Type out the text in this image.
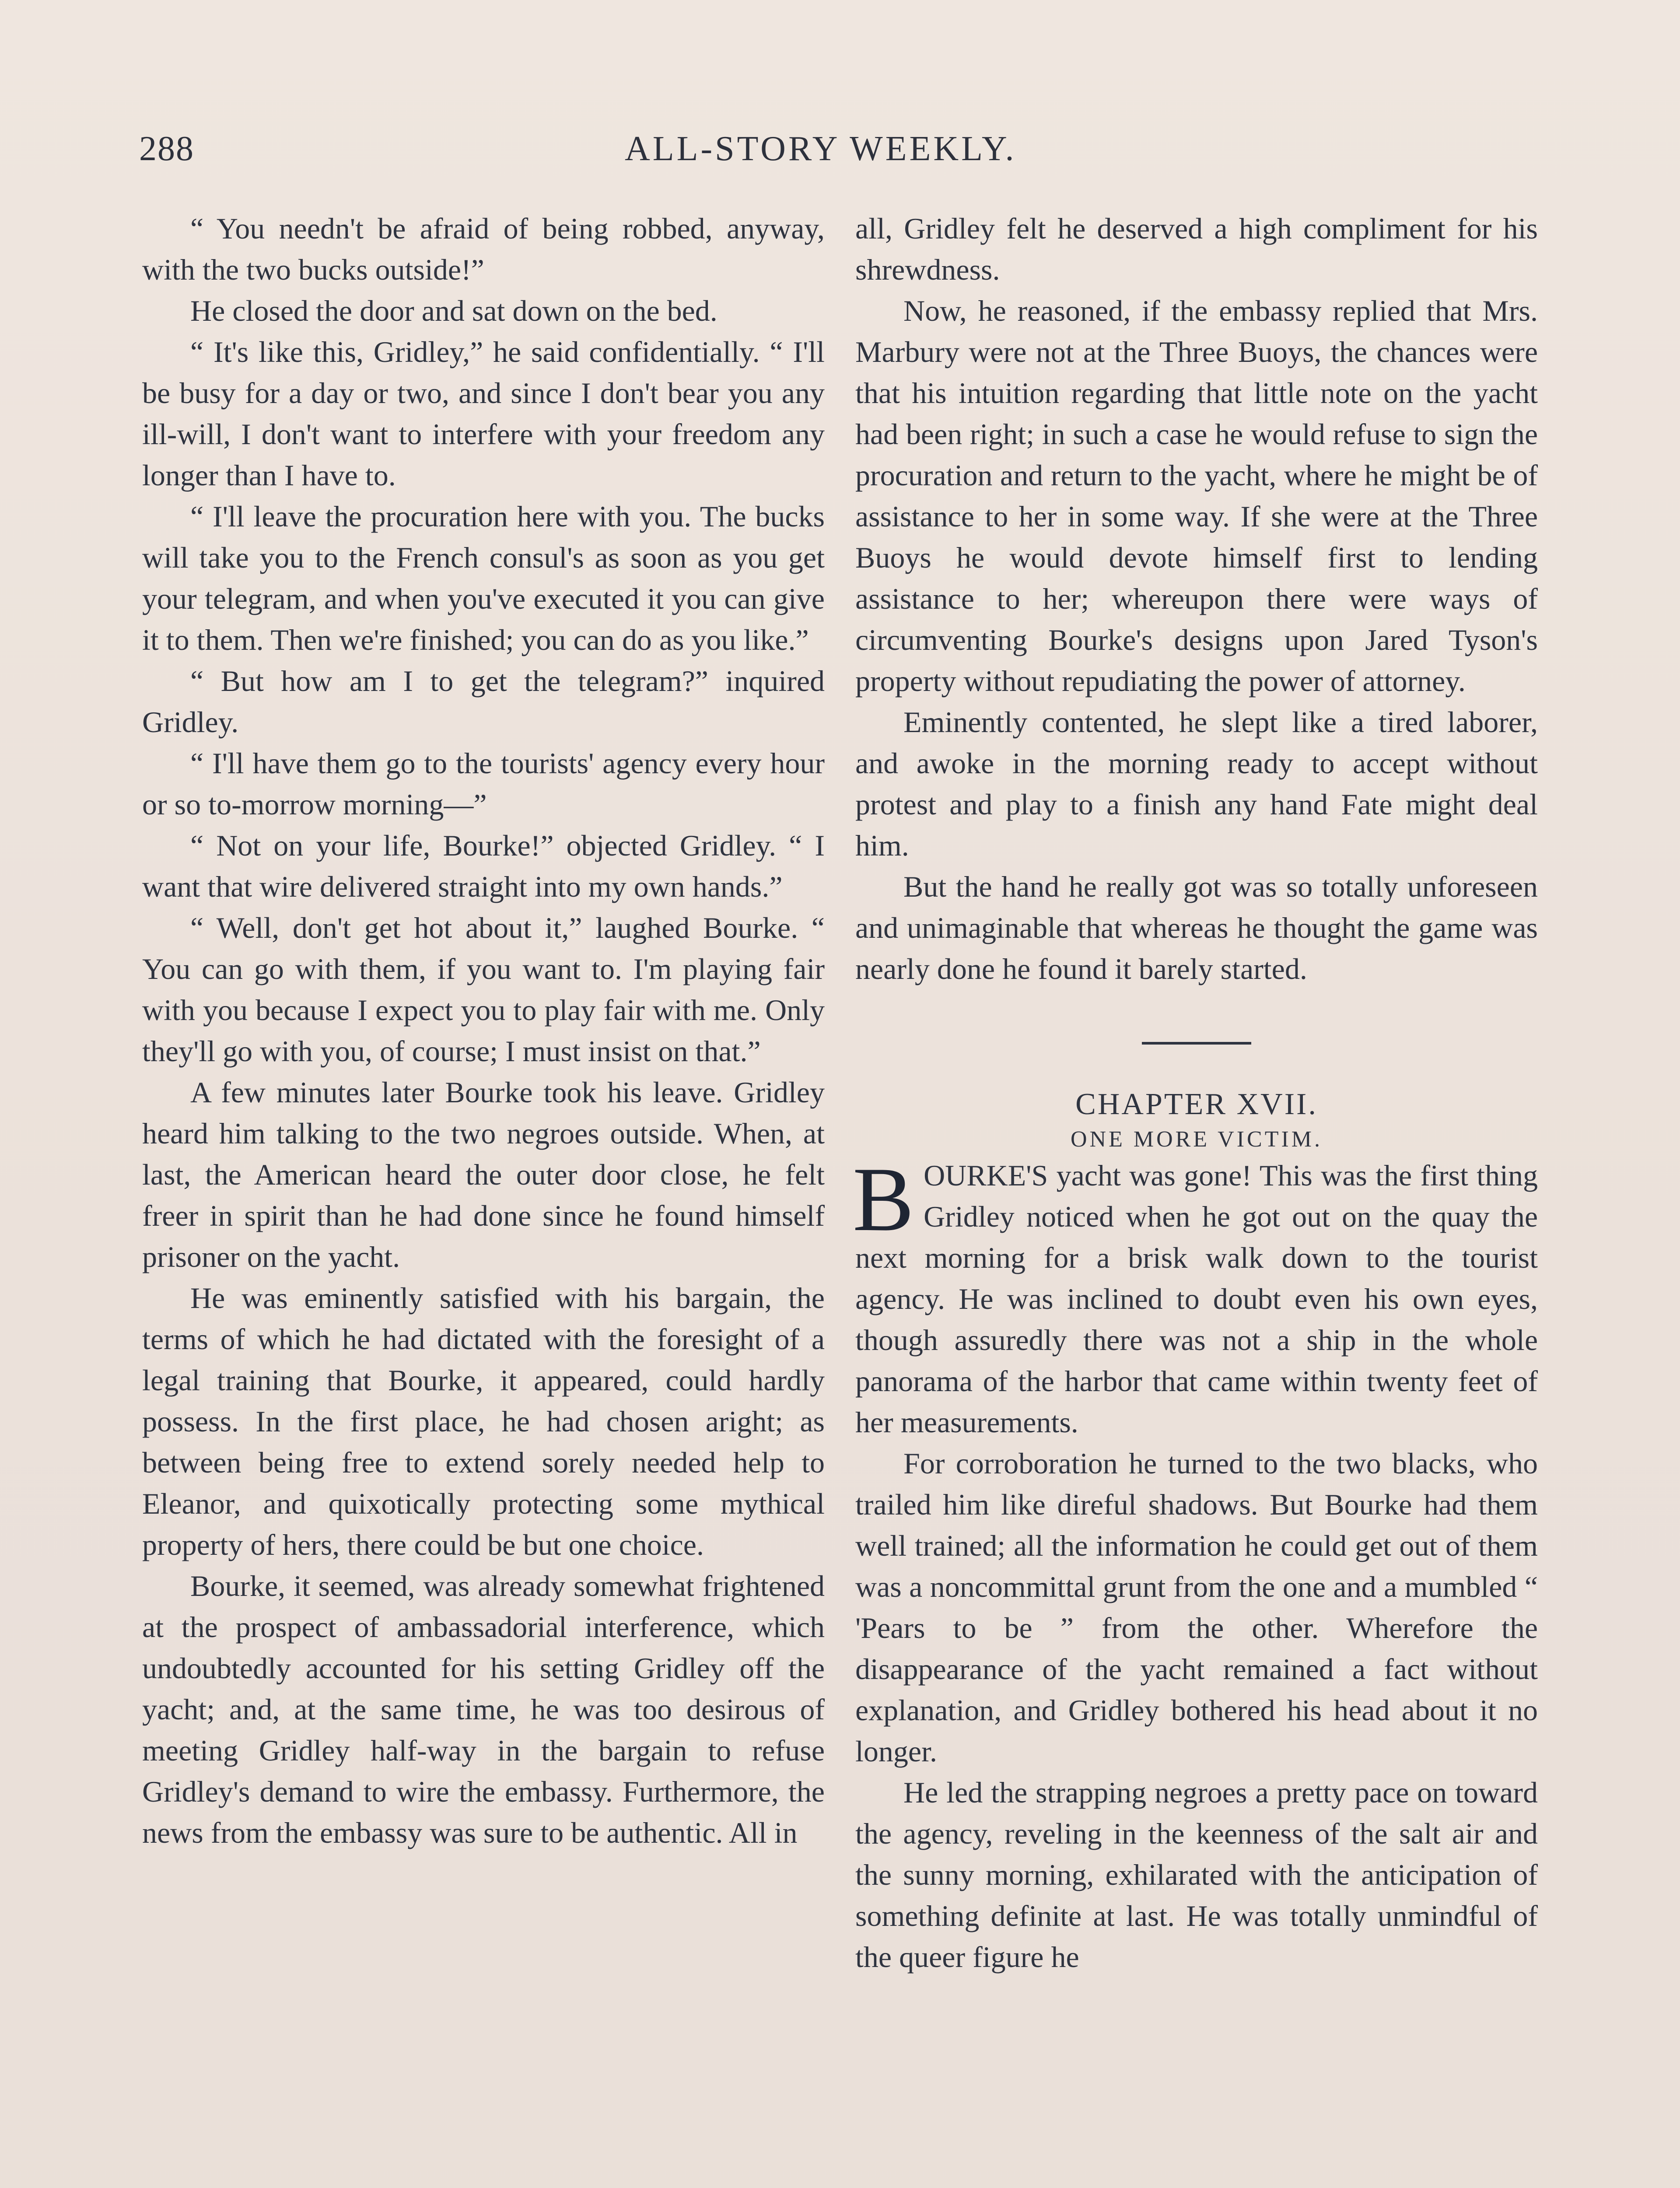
288	ALL-STORY WEEKLY.

“ You needn't be afraid of being robbed, anyway, with the two bucks outside!”

He closed the door and sat down on the bed.

“ It's like this, Gridley,” he said confidentially. “ I'll be busy for a day or two, and since I don't bear you any ill-will, I don't want to interfere with your freedom any longer than I have to.

“ I'll leave the procuration here with you. The bucks will take you to the French consul's as soon as you get your telegram, and when you've executed it you can give it to them. Then we're finished; you can do as you like.”

“ But how am I to get the telegram?” inquired Gridley.

“ I'll have them go to the tourists' agency every hour or so to-morrow morning—”

“ Not on your life, Bourke!” objected Gridley. “ I want that wire delivered straight into my own hands.”

“ Well, don't get hot about it,” laughed Bourke. “ You can go with them, if you want to. I'm playing fair with you because I expect you to play fair with me. Only they'll go with you, of course; I must insist on that.”

A few minutes later Bourke took his leave. Gridley heard him talking to the two negroes outside. When, at last, the American heard the outer door close, he felt freer in spirit than he had done since he found himself prisoner on the yacht.

He was eminently satisfied with his bargain, the terms of which he had dictated with the foresight of a legal training that Bourke, it appeared, could hardly possess. In the first place, he had chosen aright; as between being free to extend sorely needed help to Eleanor, and quixotically protecting some mythical property of hers, there could be but one choice.

Bourke, it seemed, was already somewhat frightened at the prospect of ambassadorial interference, which undoubtedly accounted for his setting Gridley off the yacht; and, at the same time, he was too desirous of meeting Gridley half-way in the bargain to refuse Gridley's demand to wire the embassy. Furthermore, the news from the embassy was sure to be authentic. All in

all, Gridley felt he deserved a high compliment for his shrewdness.

Now, he reasoned, if the embassy replied that Mrs. Marbury were not at the Three Buoys, the chances were that his intuition regarding that little note on the yacht had been right; in such a case he would refuse to sign the procuration and return to the yacht, where he might be of assistance to her in some way. If she were at the Three Buoys he would devote himself first to lending assistance to her; whereupon there were ways of circumventing Bourke's designs upon Jared Tyson's property without repudiating the power of attorney.

Eminently contented, he slept like a tired laborer, and awoke in the morning ready to accept without protest and play to a finish any hand Fate might deal him.

But the hand he really got was so totally unforeseen and unimaginable that whereas he thought the game was nearly done he found it barely started.

CHAPTER XVII.

ONE MORE VICTIM.

BOURKE'S yacht was gone! This was the first thing Gridley noticed when he got out on the quay the next morning for a brisk walk down to the tourist agency. He was inclined to doubt even his own eyes, though assuredly there was not a ship in the whole panorama of the harbor that came within twenty feet of her measurements.

For corroboration he turned to the two blacks, who trailed him like direful shadows. But Bourke had them well trained; all the information he could get out of them was a noncommittal grunt from the one and a mumbled “ 'Pears to be ” from the other. Wherefore the disappearance of the yacht remained a fact without explanation, and Gridley bothered his head about it no longer.

He led the strapping negroes a pretty pace on toward the agency, reveling in the keenness of the salt air and the sunny morning, exhilarated with the anticipation of something definite at last. He was totally unmindful of the queer figure he
